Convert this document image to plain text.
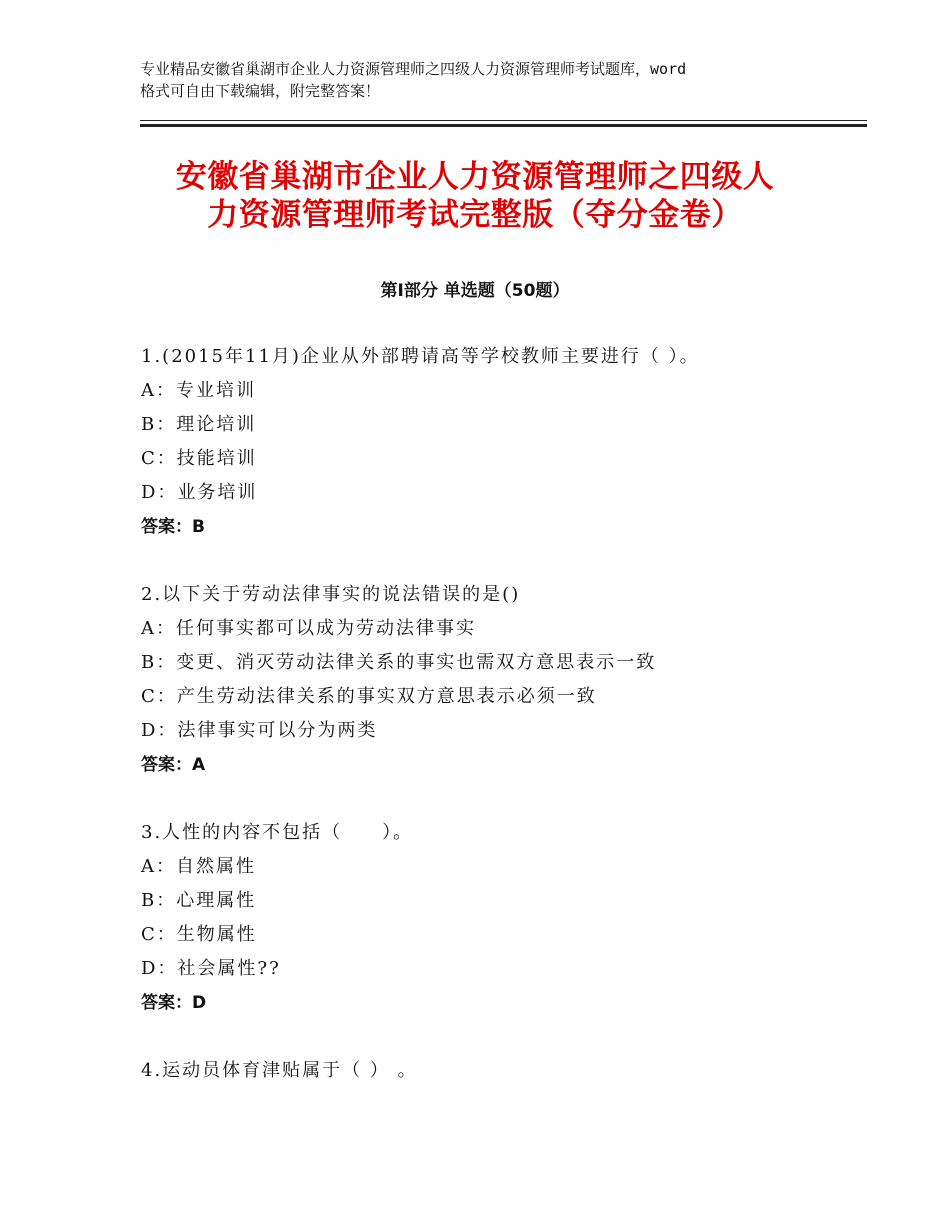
专业精品安徽省巢湖市企业人力资源管理师之四级人力资源管理师考试题库，word
格式可自由下载编辑，附完整答案！
安徽省巢湖市企业人力资源管理师之四级人
力资源管理师考试完整版（夺分金卷）
第Ⅰ部分 单选题（50题）
1.(2015年11月)企业从外部聘请高等学校教师主要进行（ ）。
A：专业培训
B：理论培训
C：技能培训
D：业务培训
答案：B
2.以下关于劳动法律事实的说法错误的是()
A：任何事实都可以成为劳动法律事实
B：变更、消灭劳动法律关系的事实也需双方意思表示一致
C：产生劳动法律关系的事实双方意思表示必须一致
D：法律事实可以分为两类
答案：A
3.人性的内容不包括（　　）。
A：自然属性
B：心理属性
C：生物属性
D：社会属性??
答案：D
4.运动员体育津贴属于（ ） 。
